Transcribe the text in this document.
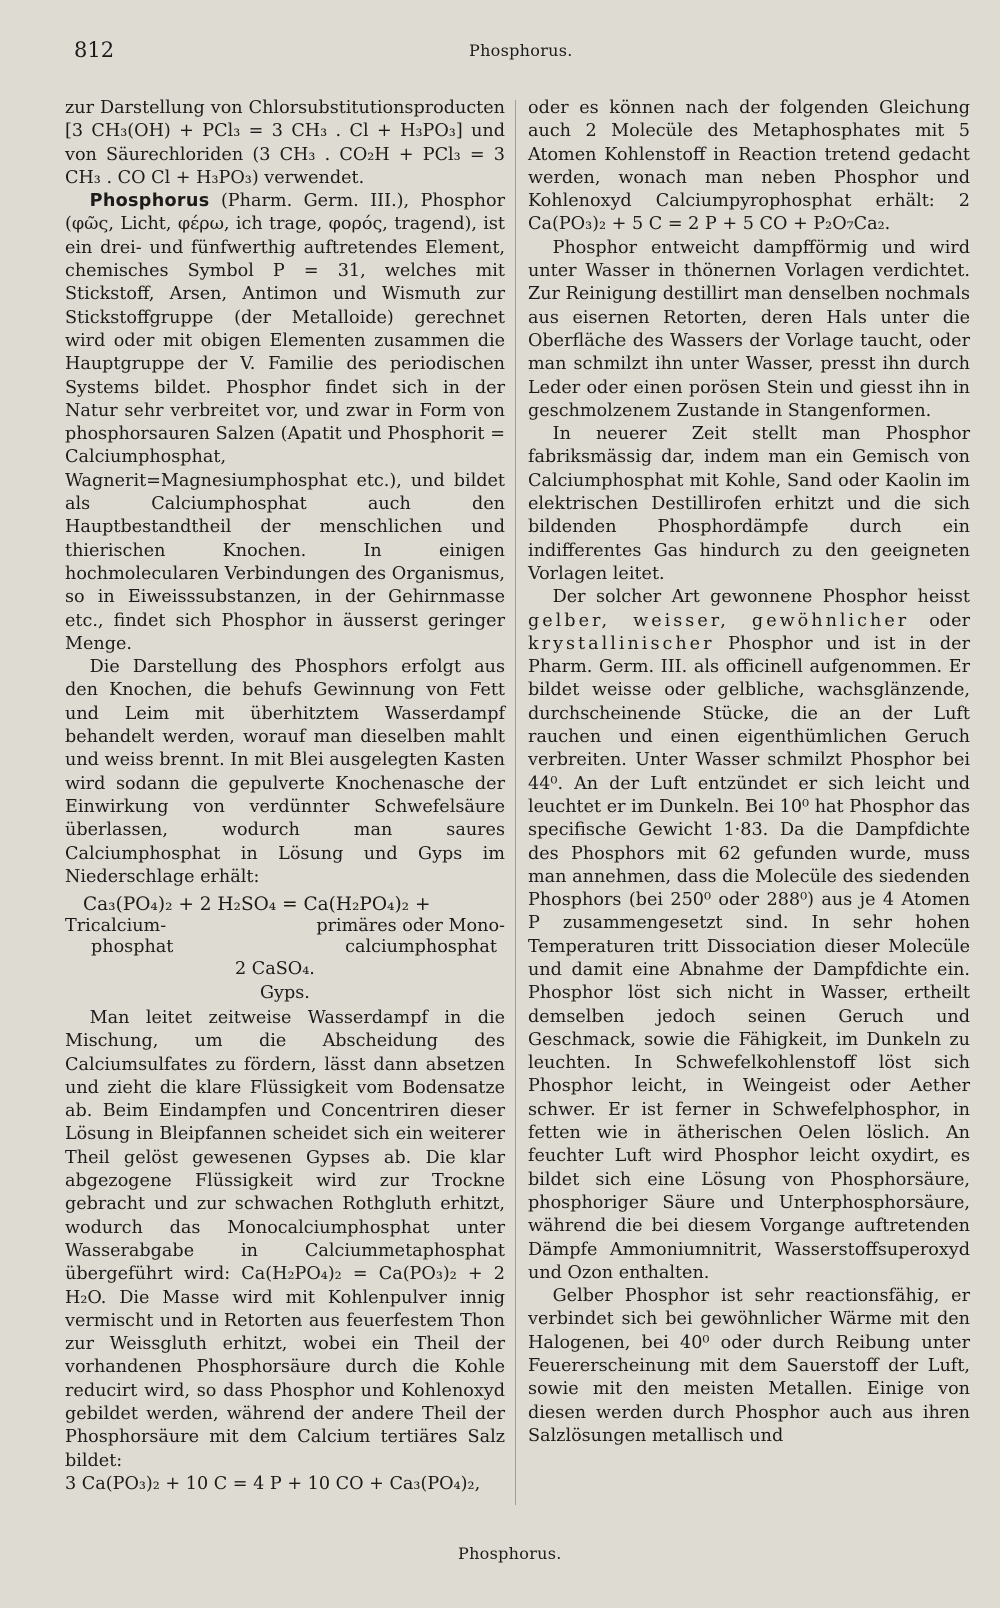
812	Phosphorus.

zur Darstellung von Chlorsubstitutionsproducten [3 CH₃(OH) + PCl₃ = 3 CH₃ . Cl + H₃PO₃] und von Säurechloriden (3 CH₃ . CO₂H + PCl₃ = 3 CH₃ . CO Cl + H₃PO₃) verwendet.

Phosphorus (Pharm. Germ. III.), Phosphor (φῶς, Licht, φέρω, ich trage, φορός, tragend), ist ein drei- und fünfwerthig auftretendes Element, chemisches Symbol P = 31, welches mit Stickstoff, Arsen, Antimon und Wismuth zur Stickstoffgruppe (der Metalloide) gerechnet wird oder mit obigen Elementen zusammen die Hauptgruppe der V. Familie des periodischen Systems bildet. Phosphor findet sich in der Natur sehr verbreitet vor, und zwar in Form von phosphorsauren Salzen (Apatit und Phosphorit = Calciumphosphat, Wagnerit=Magnesiumphosphat etc.), und bildet als Calciumphosphat auch den Hauptbestandtheil der menschlichen und thierischen Knochen. In einigen hochmolecularen Verbindungen des Organismus, so in Eiweisssubstanzen, in der Gehirnmasse etc., findet sich Phosphor in äusserst geringer Menge.

Die Darstellung des Phosphors erfolgt aus den Knochen, die behufs Gewinnung von Fett und Leim mit überhitztem Wasserdampf behandelt werden, worauf man dieselben mahlt und weiss brennt. In mit Blei ausgelegten Kasten wird sodann die gepulverte Knochenasche der Einwirkung von verdünnter Schwefelsäure überlassen, wodurch man saures Calciumphosphat in Lösung und Gyps im Niederschlage erhält:

Ca₃(PO₄)₂ + 2 H₂SO₄ = Ca(H₂PO₄)₂ +
Tricalcium-	primäres oder Mono-
phosphat	calciumphosphat
2 CaSO₄.
Gyps.

Man leitet zeitweise Wasserdampf in die Mischung, um die Abscheidung des Calciumsulfates zu fördern, lässt dann absetzen und zieht die klare Flüssigkeit vom Bodensatze ab. Beim Eindampfen und Concentriren dieser Lösung in Bleipfannen scheidet sich ein weiterer Theil gelöst gewesenen Gypses ab. Die klar abgezogene Flüssigkeit wird zur Trockne gebracht und zur schwachen Rothgluth erhitzt, wodurch das Monocalciumphosphat unter Wasserabgabe in Calciummetaphosphat übergeführt wird: Ca(H₂PO₄)₂ = Ca(PO₃)₂ + 2 H₂O. Die Masse wird mit Kohlenpulver innig vermischt und in Retorten aus feuerfestem Thon zur Weissgluth erhitzt, wobei ein Theil der vorhandenen Phosphorsäure durch die Kohle reducirt wird, so dass Phosphor und Kohlenoxyd gebildet werden, während der andere Theil der Phosphorsäure mit dem Calcium tertiäres Salz bildet:

3 Ca(PO₃)₂ + 10 C = 4 P + 10 CO + Ca₃(PO₄)₂,

oder es können nach der folgenden Gleichung auch 2 Molecüle des Metaphosphates mit 5 Atomen Kohlenstoff in Reaction tretend gedacht werden, wonach man neben Phosphor und Kohlenoxyd Calciumpyrophosphat erhält: 2 Ca(PO₃)₂ + 5 C = 2 P + 5 CO + P₂O₇Ca₂.

Phosphor entweicht dampfförmig und wird unter Wasser in thönernen Vorlagen verdichtet. Zur Reinigung destillirt man denselben nochmals aus eisernen Retorten, deren Hals unter die Oberfläche des Wassers der Vorlage taucht, oder man schmilzt ihn unter Wasser, presst ihn durch Leder oder einen porösen Stein und giesst ihn in geschmolzenem Zustande in Stangenformen.

In neuerer Zeit stellt man Phosphor fabriksmässig dar, indem man ein Gemisch von Calciumphosphat mit Kohle, Sand oder Kaolin im elektrischen Destillirofen erhitzt und die sich bildenden Phosphordämpfe durch ein indifferentes Gas hindurch zu den geeigneten Vorlagen leitet.

Der solcher Art gewonnene Phosphor heisst gelber, weisser, gewöhnlicher oder krystallinischer Phosphor und ist in der Pharm. Germ. III. als officinell aufgenommen. Er bildet weisse oder gelbliche, wachsglänzende, durchscheinende Stücke, die an der Luft rauchen und einen eigenthümlichen Geruch verbreiten. Unter Wasser schmilzt Phosphor bei 44⁰. An der Luft entzündet er sich leicht und leuchtet er im Dunkeln. Bei 10⁰ hat Phosphor das specifische Gewicht 1·83. Da die Dampfdichte des Phosphors mit 62 gefunden wurde, muss man annehmen, dass die Molecüle des siedenden Phosphors (bei 250⁰ oder 288⁰) aus je 4 Atomen P zusammengesetzt sind. In sehr hohen Temperaturen tritt Dissociation dieser Molecüle und damit eine Abnahme der Dampfdichte ein. Phosphor löst sich nicht in Wasser, ertheilt demselben jedoch seinen Geruch und Geschmack, sowie die Fähigkeit, im Dunkeln zu leuchten. In Schwefelkohlenstoff löst sich Phosphor leicht, in Weingeist oder Aether schwer. Er ist ferner in Schwefelphosphor, in fetten wie in ätherischen Oelen löslich. An feuchter Luft wird Phosphor leicht oxydirt, es bildet sich eine Lösung von Phosphorsäure, phosphoriger Säure und Unterphosphorsäure, während die bei diesem Vorgange auftretenden Dämpfe Ammoniumnitrit, Wasserstoffsuperoxyd und Ozon enthalten.

Gelber Phosphor ist sehr reactionsfähig, er verbindet sich bei gewöhnlicher Wärme mit den Halogenen, bei 40⁰ oder durch Reibung unter Feuererscheinung mit dem Sauerstoff der Luft, sowie mit den meisten Metallen. Einige von diesen werden durch Phosphor auch aus ihren Salzlösungen metallisch und

Phosphorus.
